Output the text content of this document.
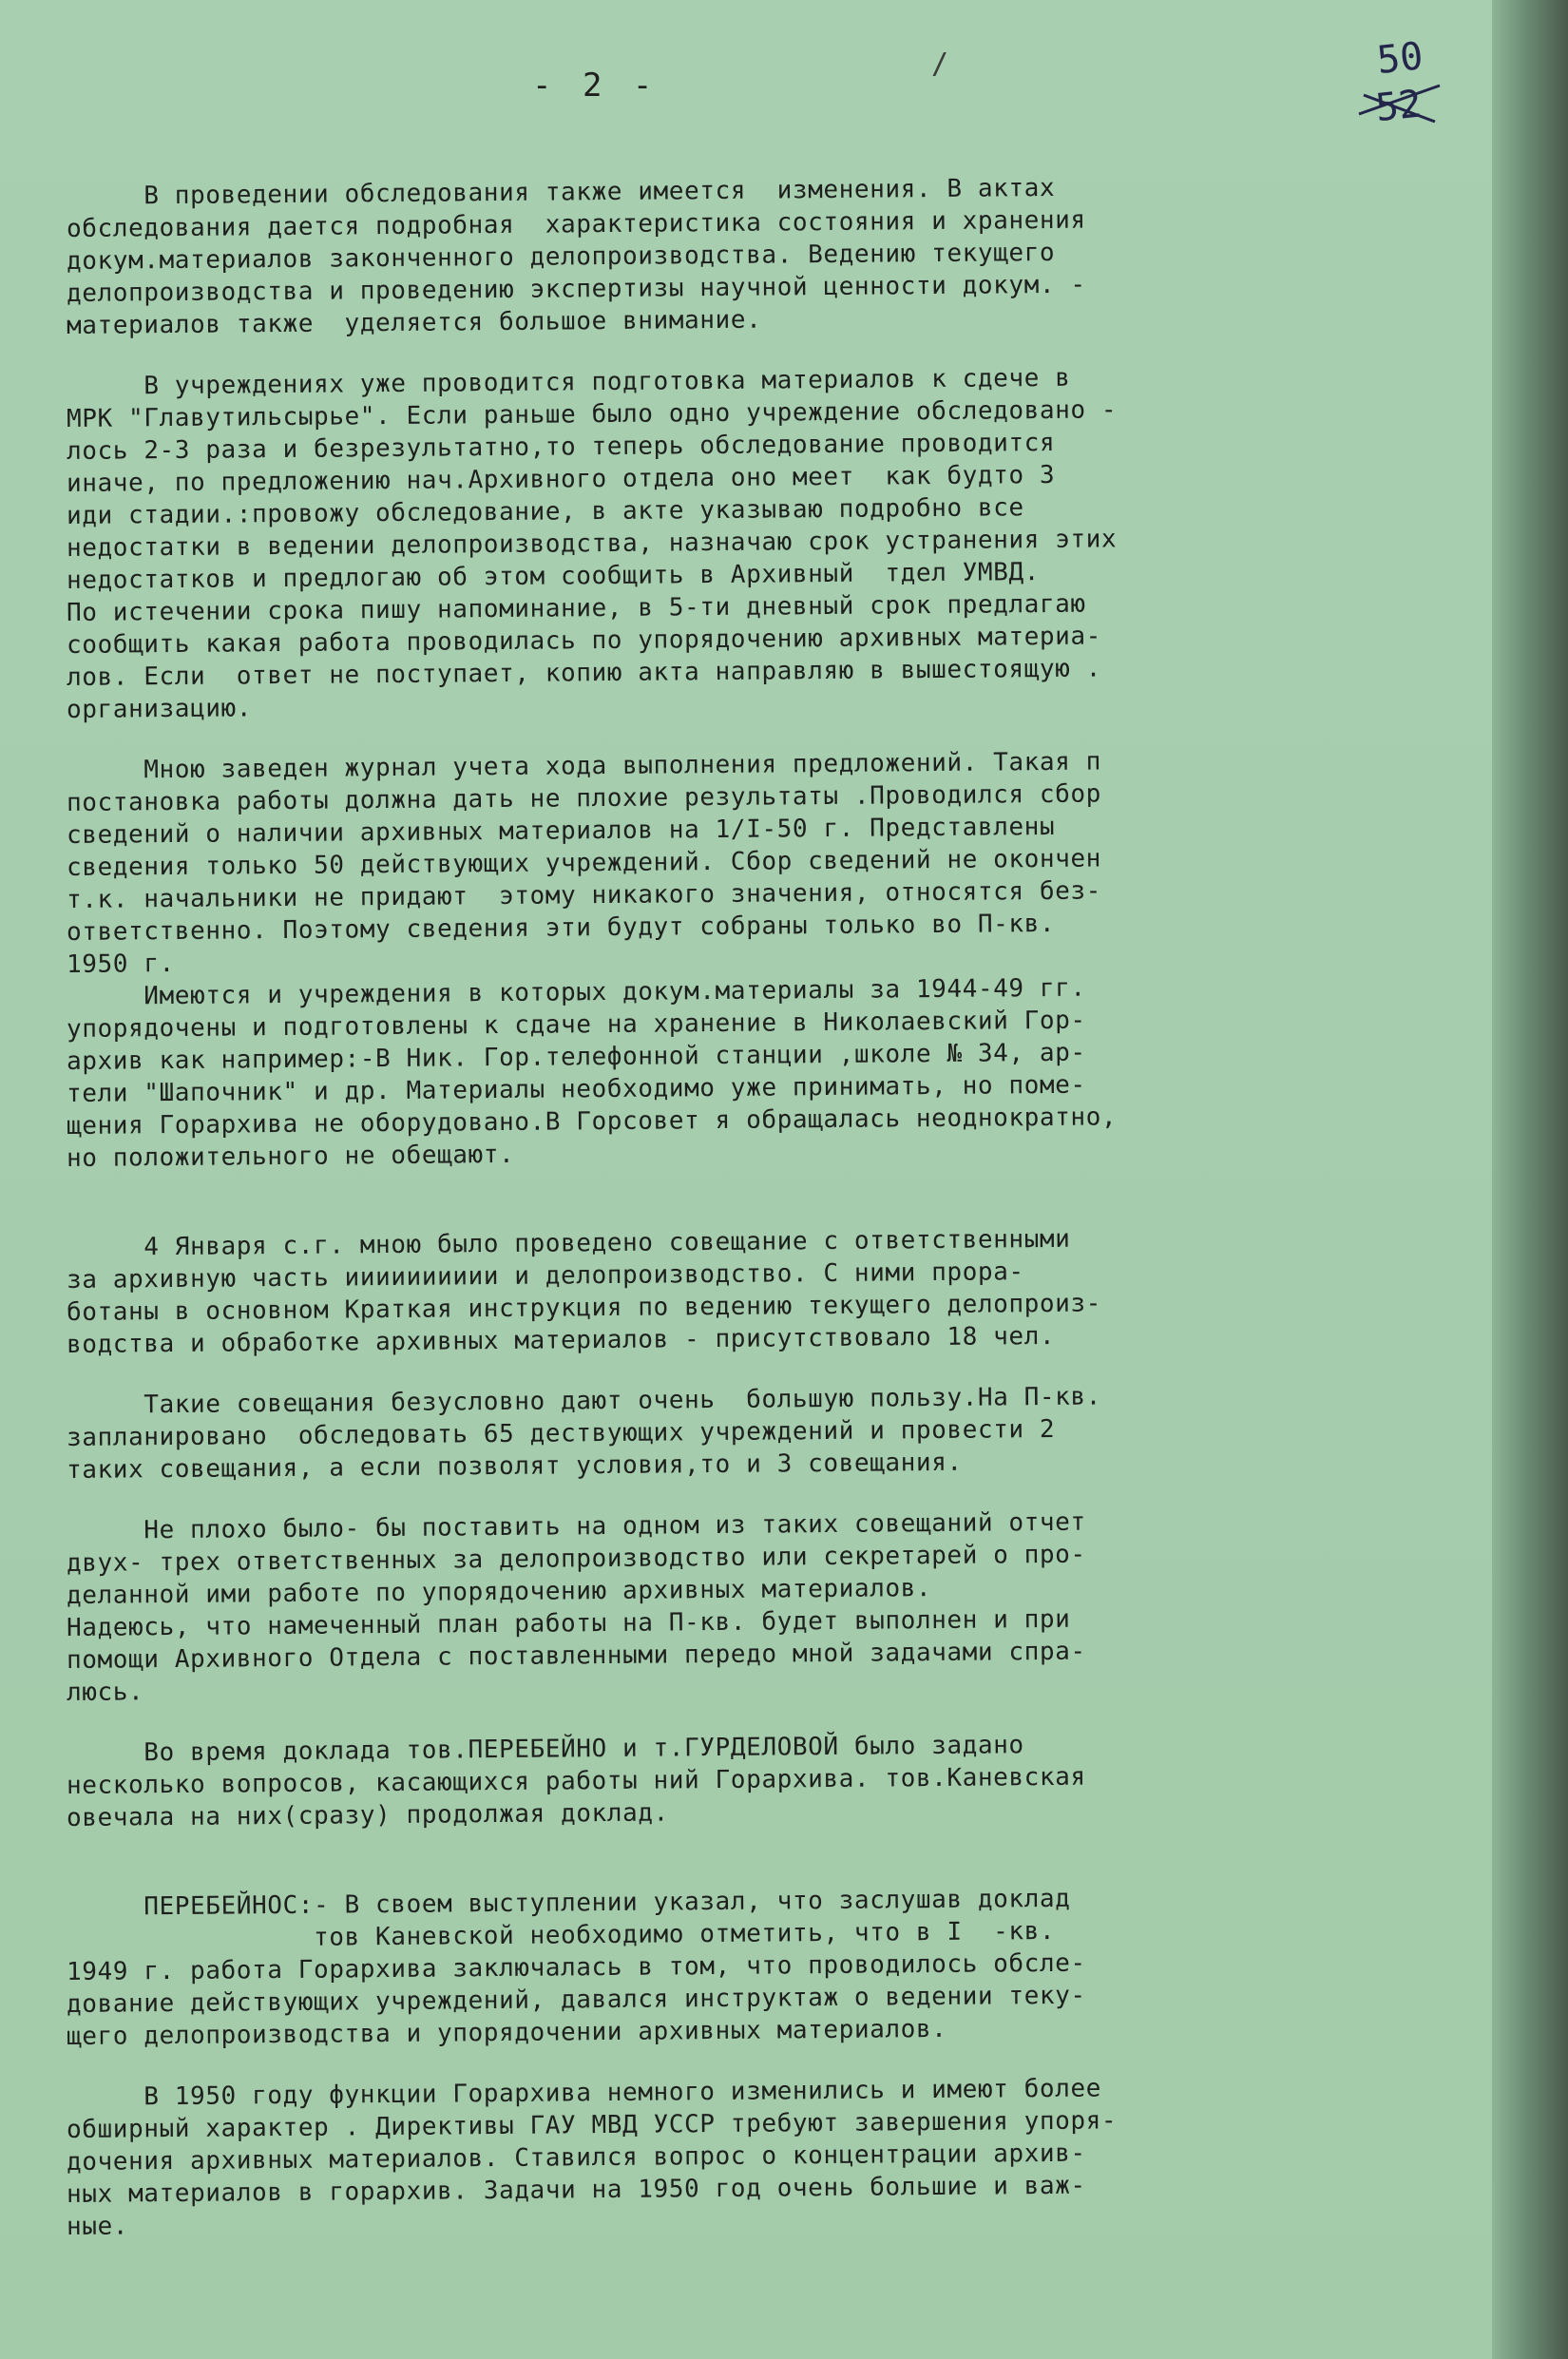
- 2 -
/	50
52
В проведении обследования также имеется  изменения. В актах
обследования дается подробная  характеристика состояния и хранения
докум.материалов законченного делопроизводства. Ведению текущего
делопроизводства и проведению экспертизы научной ценности докум. -
материалов также  уделяется большое внимание.
В учреждениях уже проводится подготовка материалов к сдече в
МРК "Главутильсырье". Если раньше было одно учреждение обследовано -
лось 2-3 раза и безрезультатно,то теперь обследование проводится
иначе, по предложению нач.Архивного отдела оно меет  как будто 3
иди стадии.:провожу обследование, в акте указываю подробно все
недостатки в ведении делопроизводства, назначаю срок устранения этих
недостатков и предлогаю об этом сообщить в Архивный  тдел УМВД.
По истечении срока пишу напоминание, в 5-ти дневный срок предлагаю
сообщить какая работа проводилась по упорядочению архивных материа-
лов. Если  ответ не поступает, копию акта направляю в вышестоящую .
организацию.
Мною заведен журнал учета хода выполнения предложений. Такая п
постановка работы должна дать не плохие результаты .Проводился сбор
сведений о наличии архивных материалов на 1/I-50 г. Представлены
сведения только 50 действующих учреждений. Сбор сведений не окончен
т.к. начальники не придают  этому никакого значения, относятся без-
ответственно. Поэтому сведения эти будут собраны только во П-кв.
1950 г.
Имеются и учреждения в которых докум.материалы за 1944-49 гг.
упорядочены и подготовлены к сдаче на хранение в Николаевский Гор-
архив как например:-В Ник. Гор.телефонной станции ,школе № 34, ар-
тели "Шапочник" и др. Материалы необходимо уже принимать, но поме-
щения Горархива не оборудовано.В Горсовет я обращалась неоднократно,
но положительного не обещают.
4 Января с.г. мною было проведено совещание с ответственными
за архивную часть ииииииииии и делопроизводство. С ними прора-
ботаны в основном Краткая инструкция по ведению текущего делопроиз-
водства и обработке архивных материалов - присутствовало 18 чел.
Такие совещания безусловно дают очень  большую пользу.На П-кв.
запланировано  обследовать 65 дествующих учреждений и провести 2
таких совещания, а если позволят условия,то и 3 совещания.
Не плохо было- бы поставить на одном из таких совещаний отчет
двух- трех ответственных за делопроизводство или секретарей о про-
деланной ими работе по упорядочению архивных материалов.
Надеюсь, что намеченный план работы на П-кв. будет выполнен и при
помощи Архивного Отдела с поставленными передо мной задачами спра-
люсь.
Во время доклада тов.ПЕРЕБЕЙНО и т.ГУРДЕЛОВОЙ было задано
несколько вопросов, касающихся работы ний Горархива. тов.Каневская
овечала на них(сразу) продолжая доклад.
ПЕРЕБЕЙНОС:- В своем выступлении указал, что заслушав доклад
тов Каневской необходимо отметить, что в I  -кв.
1949 г. работа Горархива заключалась в том, что проводилось обсле-
дование действующих учреждений, давался инструктаж о ведении теку-
щего делопроизводства и упорядочении архивных материалов.
В 1950 году функции Горархива немного изменились и имеют более
обширный характер . Директивы ГАУ МВД УССР требуют завершения упоря-
дочения архивных материалов. Ставился вопрос о концентрации архив-
ных материалов в горархив. Задачи на 1950 год очень большие и важ-
ные.
